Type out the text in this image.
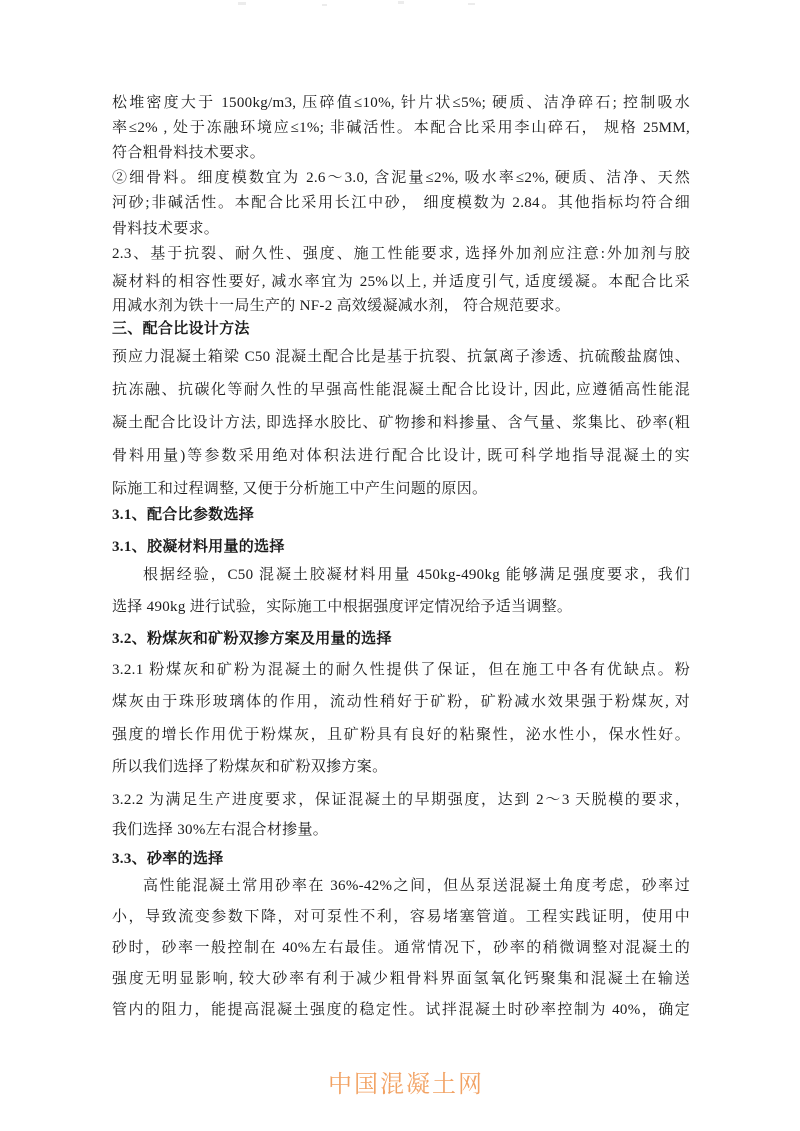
松堆密度大于 1500kg/m3, 压碎值≤10%, 针片状≤5%; 硬质、洁净碎石; 控制吸水
率≤2% , 处于冻融环境应≤1%; 非碱活性。本配合比采用李山碎石， 规格 25MM,
符合粗骨料技术要求。
②细骨料。细度模数宜为 2.6～3.0, 含泥量≤2%, 吸水率≤2%, 硬质、洁净、天然
河砂;非碱活性。本配合比采用长江中砂， 细度模数为 2.84。其他指标均符合细
骨料技术要求。
2.3、基于抗裂、耐久性、强度、施工性能要求, 选择外加剂应注意:外加剂与胶
凝材料的相容性要好, 减水率宜为 25%以上, 并适度引气, 适度缓凝。本配合比采
用减水剂为铁十一局生产的 NF-2 高效缓凝减水剂， 符合规范要求。
三、配合比设计方法
预应力混凝土箱梁 C50 混凝土配合比是基于抗裂、抗氯离子渗透、抗硫酸盐腐蚀、
抗冻融、抗碳化等耐久性的早强高性能混凝土配合比设计, 因此, 应遵循高性能混
凝土配合比设计方法, 即选择水胶比、矿物掺和料掺量、含气量、浆集比、砂率(粗
骨料用量)等参数采用绝对体积法进行配合比设计, 既可科学地指导混凝土的实
际施工和过程调整, 又便于分析施工中产生问题的原因。
3.1、配合比参数选择
3.1、胶凝材料用量的选择
根据经验，C50 混凝土胶凝材料用量 450kg-490kg 能够满足强度要求，我们
选择 490kg 进行试验，实际施工中根据强度评定情况给予适当调整。
3.2、粉煤灰和矿粉双掺方案及用量的选择
3.2.1 粉煤灰和矿粉为混凝土的耐久性提供了保证，但在施工中各有优缺点。粉
煤灰由于珠形玻璃体的作用，流动性稍好于矿粉，矿粉减水效果强于粉煤灰, 对
强度的增长作用优于粉煤灰，且矿粉具有良好的粘聚性，泌水性小，保水性好。
所以我们选择了粉煤灰和矿粉双掺方案。
3.2.2 为满足生产进度要求，保证混凝土的早期强度，达到 2～3 天脱模的要求，
我们选择 30%左右混合材掺量。
3.3、砂率的选择
高性能混凝土常用砂率在 36%-42%之间，但丛泵送混凝土角度考虑，砂率过
小，导致流变参数下降，对可泵性不利，容易堵塞管道。工程实践证明，使用中
砂时，砂率一般控制在 40%左右最佳。通常情况下，砂率的稍微调整对混凝土的
强度无明显影响, 较大砂率有利于减少粗骨料界面氢氧化钙聚集和混凝土在输送
管内的阻力，能提高混凝土强度的稳定性。试拌混凝土时砂率控制为 40%，确定
中国混凝土网
